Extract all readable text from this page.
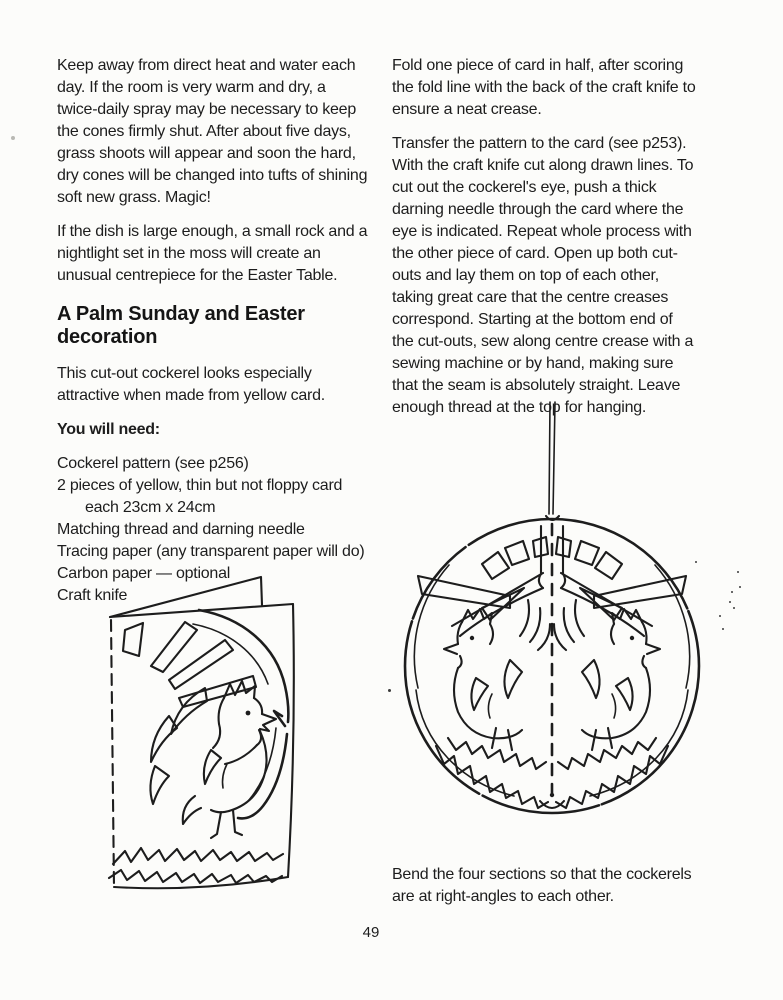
Keep away from direct heat and water each day. If the room is very warm and dry, a twice-daily spray may be necessary to keep the cones firmly shut. After about five days, grass shoots will appear and soon the hard, dry cones will be changed into tufts of shining soft new grass. Magic!

If the dish is large enough, a small rock and a nightlight set in the moss will create an unusual centrepiece for the Easter Table.

A Palm Sunday and Easter decoration

This cut-out cockerel looks especially attractive when made from yellow card.

You will need:

Cockerel pattern (see p256)
2 pieces of yellow, thin but not floppy card each 23cm x 24cm
Matching thread and darning needle
Tracing paper (any transparent paper will do)
Carbon paper — optional
Craft knife

Fold one piece of card in half, after scoring the fold line with the back of the craft knife to ensure a neat crease.

Transfer the pattern to the card (see p253). With the craft knife cut along drawn lines. To cut out the cockerel's eye, push a thick darning needle through the card where the eye is indicated. Repeat whole process with the other piece of card. Open up both cut-outs and lay them on top of each other, taking great care that the centre creases correspond. Starting at the bottom end of the cut-outs, sew along centre crease with a sewing machine or by hand, making sure that the seam is absolutely straight. Leave enough thread at the top for hanging.

Bend the four sections so that the cockerels are at right-angles to each other.

49
